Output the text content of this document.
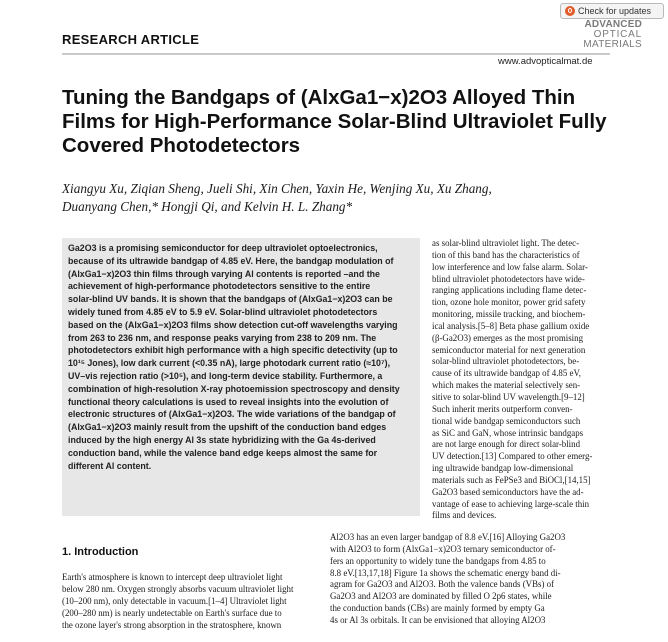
Check for updates
RESEARCH ARTICLE
ADVANCED
OPTICAL
MATERIALS
www.advopticalmat.de
Tuning the Bandgaps of (AlxGa1−x)2O3 Alloyed Thin Films for High-Performance Solar-Blind Ultraviolet Fully Covered Photodetectors
Xiangyu Xu, Ziqian Sheng, Jueli Shi, Xin Chen, Yaxin He, Wenjing Xu, Xu Zhang,
Duanyang Chen,* Hongji Qi, and Kelvin H. L. Zhang*

Ga2O3 is a promising semiconductor for deep ultraviolet optoelectronics,

because of its ultrawide bandgap of 4.85 eV. Here, the bandgap modulation of

(AlxGa1−x)2O3 thin films through varying Al contents is reported –and the

achievement of high-performance photodetectors sensitive to the entire

solar-blind UV bands. It is shown that the bandgaps of (AlxGa1−x)2O3 can be

widely tuned from 4.85 eV to 5.9 eV. Solar-blind ultraviolet photodetectors

based on the (AlxGa1−x)2O3 films show detection cut-off wavelengths varying

from 263 to 236 nm, and response peaks varying from 238 to 209 nm. The

photodetectors exhibit high performance with a high specific detectivity (up to

10¹⁵ Jones), low dark current (<0.35 nA), large photodark current ratio (≈10⁷),

UV–vis rejection ratio (>10⁵), and long-term device stability. Furthermore, a

combination of high-resolution X-ray photoemission spectroscopy and density

functional theory calculations is used to reveal insights into the evolution of

electronic structures of (AlxGa1−x)2O3. The wide variations of the bandgap of

(AlxGa1−x)2O3 mainly result from the upshift of the conduction band edges

induced by the high energy Al 3s state hybridizing with the Ga 4s-derived

conduction band, while the valence band edge keeps almost the same for

different Al content.

as solar-blind ultraviolet light. The detec-

tion of this band has the characteristics of

low interference and low false alarm. Solar-

blind ultraviolet photodetectors have wide-

ranging applications including flame detec-

tion, ozone hole monitor, power grid safety

monitoring, missile tracking, and biochem-

ical analysis.[5–8] Beta phase gallium oxide

(β-Ga2O3) emerges as the most promising

semiconductor material for next generation

solar-blind ultraviolet photodetectors, be-

cause of its ultrawide bandgap of 4.85 eV,

which makes the material selectively sen-

sitive to solar-blind UV wavelength.[9–12]

Such inherit merits outperform conven-

tional wide bandgap semiconductors such

as SiC and GaN, whose intrinsic bandgaps

are not large enough for direct solar-blind

UV detection.[13] Compared to other emerg-

ing ultrawide bandgap low-dimensional

materials such as FePSe3 and BiOCl,[14,15]

Ga2O3 based semiconductors have the ad-

vantage of ease to achieving large-scale thin

films and devices.

Al2O3 has an even larger bandgap of 8.8 eV.[16] Alloying Ga2O3

with Al2O3 to form (AlxGa1−x)2O3 ternary semiconductor of-

fers an opportunity to widely tune the bandgaps from 4.85 to

8.8 eV.[13,17,18] Figure 1a shows the schematic energy band di-

agram for Ga2O3 and Al2O3. Both the valence bands (VBs) of

Ga2O3 and Al2O3 are dominated by filled O 2p6 states, while

the conduction bands (CBs) are mainly formed by empty Ga

4s or Al 3s orbitals. It can be envisioned that alloying Al2O3

1. Introduction

Earth's atmosphere is known to intercept deep ultraviolet light

below 280 nm. Oxygen strongly absorbs vacuum ultraviolet light

(10–200 nm), only detectable in vacuum.[1–4] Ultraviolet light

(200–280 nm) is nearly undetectable on Earth's surface due to

the ozone layer's strong absorption in the stratosphere, known
